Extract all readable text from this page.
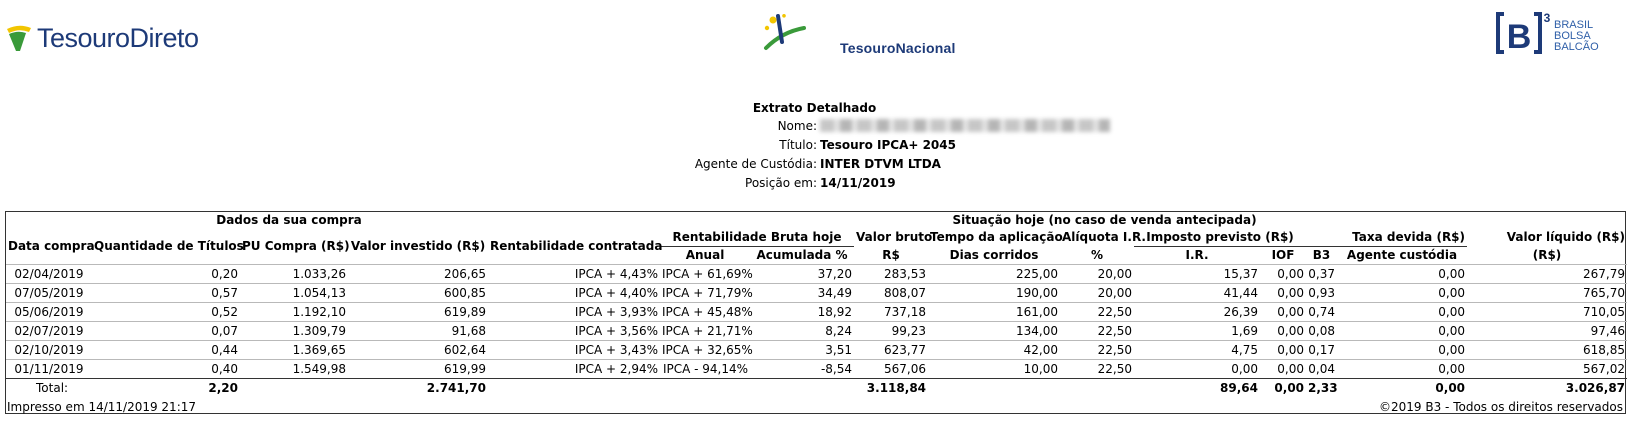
TesouroDireto	TesouroNacional	B 3 BRASIL
BOLSA
BALCÃO
Extrato Detalhado
Nome:
Título: Tesouro IPCA+ 2045
Agente de Custódia: INTER DTVM LTDA
Posição em: 14/11/2019
Dados da sua compra					Situação hoje (no caso de venda antecipada)									
Data compra	Quantidade de Títulos	PU Compra (R$)	Valor investido (R$)	Rentabilidade contratada	Rentabilidade Bruta hoje		Valor bruto	Tempo da aplicação	Alíquota I.R.	Imposto previsto (R$)		Taxa devida (R$)		Valor líquido (R$)
					Anual	Acumulada %	R$	Dias corridos	%	I.R.	IOF	B3	Agente custódia	(R$)
02/04/2019	0,20	1.033,26	206,65	IPCA + 4,43%	IPCA + 61,69%	37,20	283,53	225,00	20,00	15,37	0,00	0,37	0,00	267,79
07/05/2019	0,57	1.054,13	600,85	IPCA + 4,40%	IPCA + 71,79%	34,49	808,07	190,00	20,00	41,44	0,00	0,93	0,00	765,70
05/06/2019	0,52	1.192,10	619,89	IPCA + 3,93%	IPCA + 45,48%	18,92	737,18	161,00	22,50	26,39	0,00	0,74	0,00	710,05
02/07/2019	0,07	1.309,79	91,68	IPCA + 3,56%	IPCA + 21,71%	8,24	99,23	134,00	22,50	1,69	0,00	0,08	0,00	97,46
02/10/2019	0,44	1.369,65	602,64	IPCA + 3,43%	IPCA + 32,65%	3,51	623,77	42,00	22,50	4,75	0,00	0,17	0,00	618,85
01/11/2019	0,40	1.549,98	619,99	IPCA + 2,94%	IPCA - 94,14%	-8,54	567,06	10,00	22,50	0,00	0,00	0,04	0,00	567,02
Total:	2,20		2.741,70				3.118,84			89,64	0,00	2,33	0,00	3.026,87
Impresso em 14/11/2019 21:17	©2019 B3 - Todos os direitos reservados
